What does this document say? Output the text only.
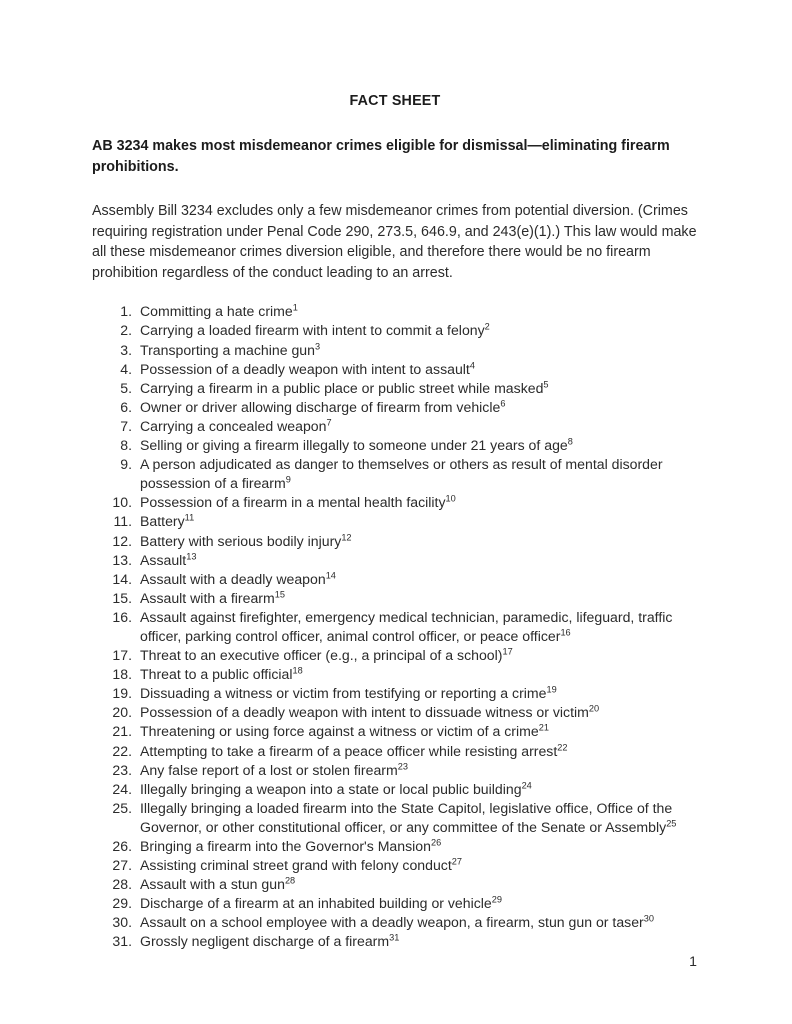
FACT SHEET

AB 3234 makes most misdemeanor crimes eligible for dismissal—eliminating firearm prohibitions.

Assembly Bill 3234 excludes only a few misdemeanor crimes from potential diversion. (Crimes requiring registration under Penal Code 290, 273.5, 646.9, and 243(e)(1).) This law would make all these misdemeanor crimes diversion eligible, and therefore there would be no firearm prohibition regardless of the conduct leading to an arrest.

1. Committing a hate crime$^1$
2. Carrying a loaded firearm with intent to commit a felony$^2$
3. Transporting a machine gun$^3$
4. Possession of a deadly weapon with intent to assault$^4$
5. Carrying a firearm in a public place or public street while masked$^5$
6. Owner or driver allowing discharge of firearm from vehicle$^6$
7. Carrying a concealed weapon$^7$
8. Selling or giving a firearm illegally to someone under 21 years of age$^8$
9. A person adjudicated as danger to themselves or others as result of mental disorder possession of a firearm$^9$
10. Possession of a firearm in a mental health facility$^{10}$
11. Battery$^{11}$
12. Battery with serious bodily injury$^{12}$
13. Assault$^{13}$
14. Assault with a deadly weapon$^{14}$
15. Assault with a firearm$^{15}$
16. Assault against firefighter, emergency medical technician, paramedic, lifeguard, traffic officer, parking control officer, animal control officer, or peace officer$^{16}$
17. Threat to an executive officer (e.g., a principal of a school)$^{17}$
18. Threat to a public official$^{18}$
19. Dissuading a witness or victim from testifying or reporting a crime$^{19}$
20. Possession of a deadly weapon with intent to dissuade witness or victim$^{20}$
21. Threatening or using force against a witness or victim of a crime$^{21}$
22. Attempting to take a firearm of a peace officer while resisting arrest$^{22}$
23. Any false report of a lost or stolen firearm$^{23}$
24. Illegally bringing a weapon into a state or local public building$^{24}$
25. Illegally bringing a loaded firearm into the State Capitol, legislative office, Office of the Governor, or other constitutional officer, or any committee of the Senate or Assembly$^{25}$
26. Bringing a firearm into the Governor's Mansion$^{26}$
27. Assisting criminal street grand with felony conduct$^{27}$
28. Assault with a stun gun$^{28}$
29. Discharge of a firearm at an inhabited building or vehicle$^{29}$
30. Assault on a school employee with a deadly weapon, a firearm, stun gun or taser$^{30}$
31. Grossly negligent discharge of a firearm$^{31}$
1
